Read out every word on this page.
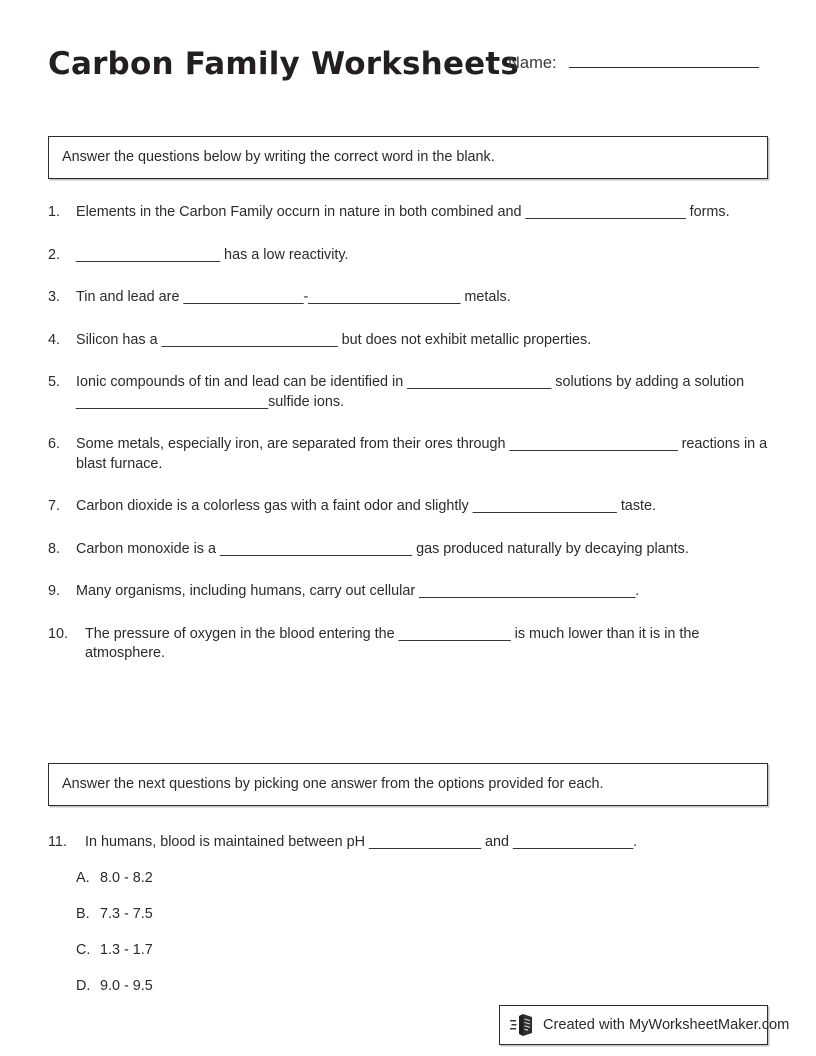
Carbon Family Worksheets
Name:
Answer the questions below by writing the correct word in the blank.
1.	Elements in the Carbon Family occurn in nature in both combined and ____________________ forms.
2.	__________________ has a low reactivity.
3.	Tin and lead are _______________-___________________ metals.
4.	Silicon has a ______________________ but does not exhibit metallic properties.
5.	Ionic compounds of tin and lead can be identified in __________________ solutions by adding a solution ________________________sulfide ions.
6.	Some metals, especially iron, are separated from their ores through _____________________ reactions in a blast furnace.
7.	Carbon dioxide is a colorless gas with a faint odor and slightly __________________ taste.
8.	Carbon monoxide is a ________________________ gas produced naturally by decaying plants.
9.	Many organisms, including humans, carry out cellular ___________________________.
10.	The pressure of oxygen in the blood entering the ______________ is much lower than it is in the atmosphere.
Answer the next questions by picking one answer from the options provided for each.
11.	In humans, blood is maintained between pH ______________ and _______________.
A. 8.0 - 8.2
B. 7.3 - 7.5
C. 1.3 - 1.7
D. 9.0 - 9.5
Created with MyWorksheetMaker.com
